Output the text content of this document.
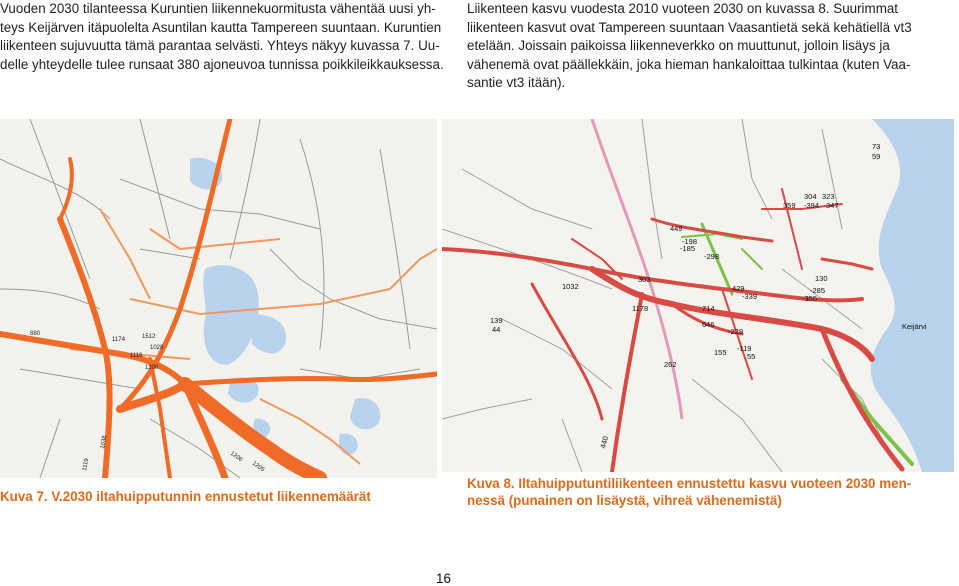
Vuoden 2030 tilanteessa Kuruntien liikennekuormitusta vähentää uusi yh-

teys Keijärven itäpuolelta Asuntilan kautta Tampereen suuntaan. Kuruntien

liikenteen sujuvuutta tämä parantaa selvästi. Yhteys näkyy kuvassa 7. Uu-

delle yhteydelle tulee runsaat 380 ajoneuvoa tunnissa poikkileikkauksessa.

Liikenteen kasvu vuodesta 2010 vuoteen 2030 on kuvassa 8. Suurimmat

liikenteen kasvut ovat Tampereen suuntaan Vaasantietä sekä kehätiellä vt3

etelään. Joissain paikoissa liikenneverkko on muuttunut, jolloin lisäys ja

vähenemä ovat päällekkäin, joka hieman hankaloittaa tulkintaa (kuten Vaa-

santie vt3 itään).

1119
1038
1206
1116
1200
880
1028
1174	1512
1205
Keijärvi
449
-198
-185
-298
714
646
429
-339
323
-394 347
304
359
-285
130
139
44
1032
1178
303
-355
73
59
262
55
440
155 -119
-229
Kuva 7. V.2030 iltahuipputunnin ennustetut liikennemäärät

Kuva 8. Iltahuipputuntiliikenteen ennustettu kasvu vuoteen 2030 men-

nessä (punainen on lisäystä, vihreä vähenemistä)

16
